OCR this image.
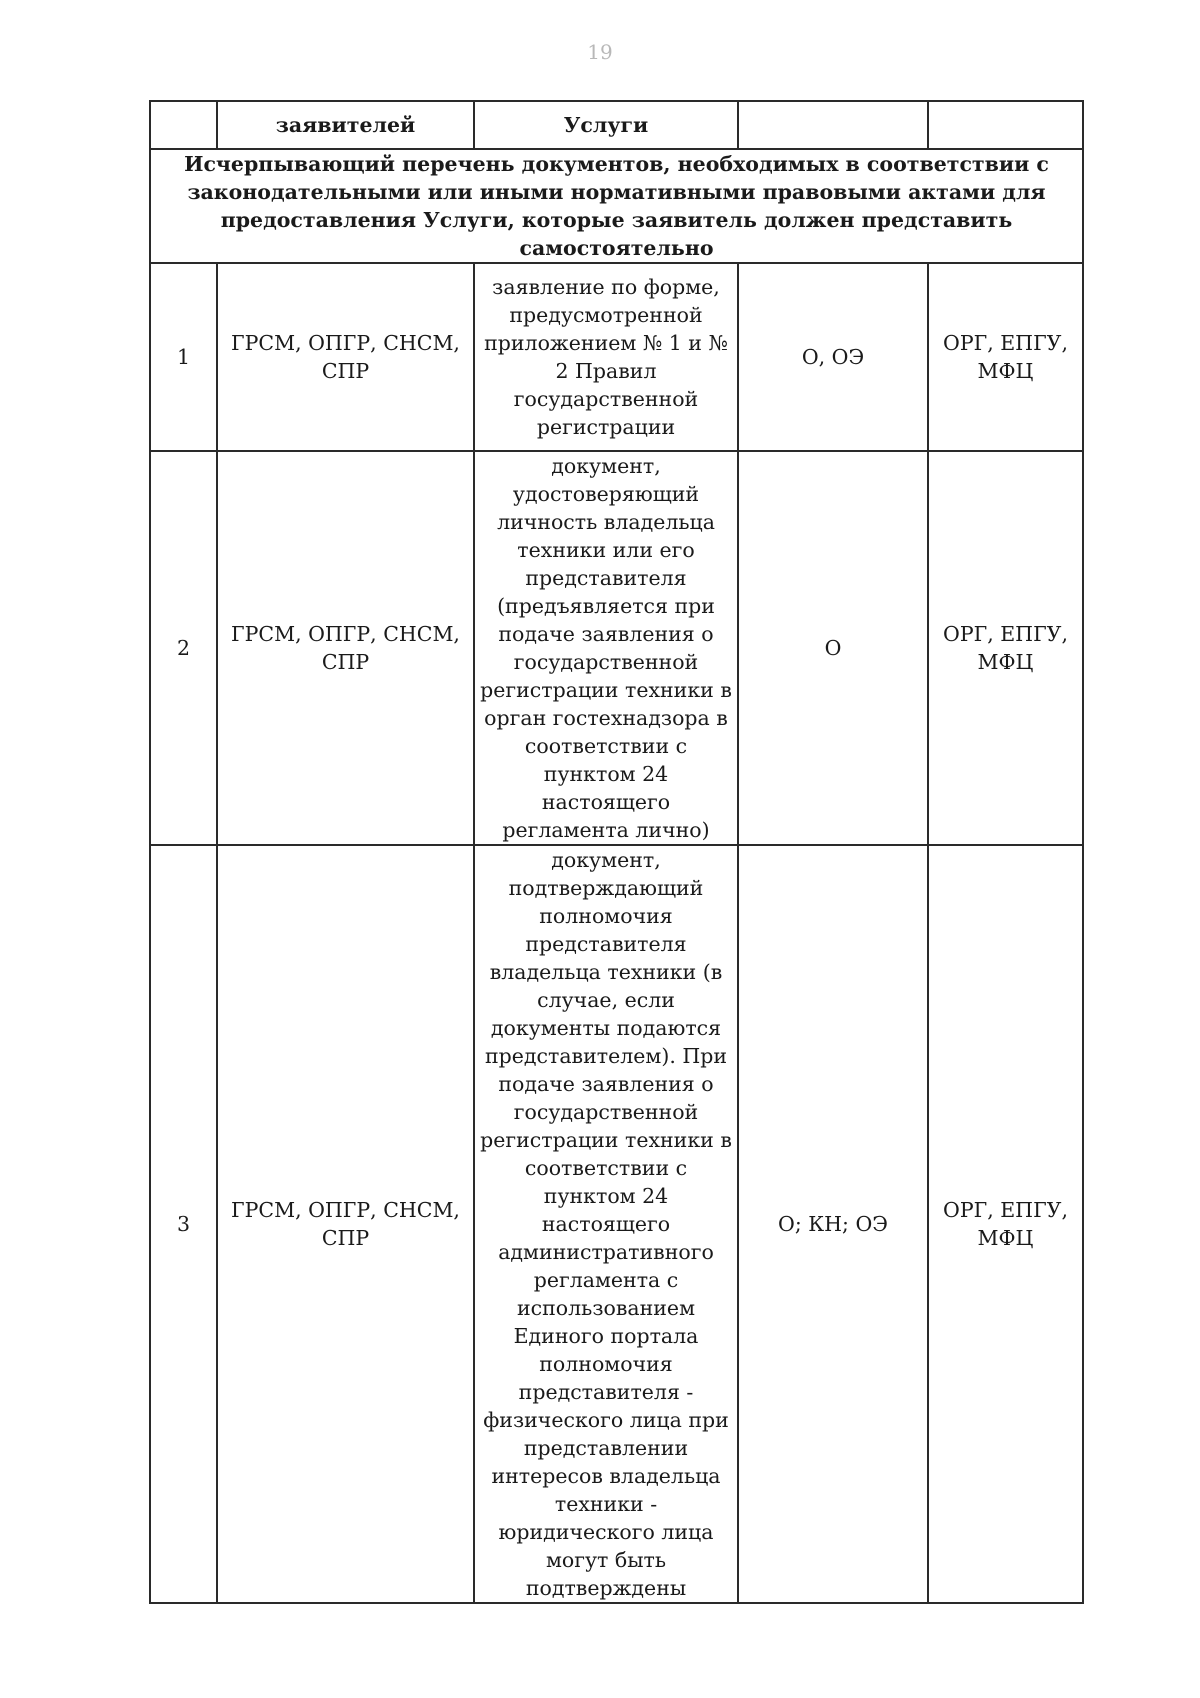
19
	заявителей	Услуги		
Исчерпывающий перечень документов, необходимых в соответствии с законодательными или иными нормативными правовыми актами для предоставления Услуги, которые заявитель должен представить самостоятельно				
1	ГРСМ, ОПГР, СНСМ, СПР	заявление по форме, предусмотренной приложением № 1 и № 2 Правил государственной регистрации	О, ОЭ	ОРГ, ЕПГУ, МФЦ
2	ГРСМ, ОПГР, СНСМ, СПР	документ, удостоверяющий личность владельца техники или его представителя (предъявляется при подаче заявления о государственной регистрации техники в орган гостехнадзора в соответствии с пунктом 24 настоящего регламента лично)	О	ОРГ, ЕПГУ, МФЦ
3	ГРСМ, ОПГР, СНСМ, СПР	документ, подтверждающий полномочия представителя владельца техники (в случае, если документы подаются представителем). При подаче заявления о государственной регистрации техники в соответствии с пунктом 24 настоящего административного регламента с использованием Единого портала полномочия представителя - физического лица при представлении интересов владельца техники - юридического лица могут быть подтверждены	О; КН; ОЭ	ОРГ, ЕПГУ, МФЦ
